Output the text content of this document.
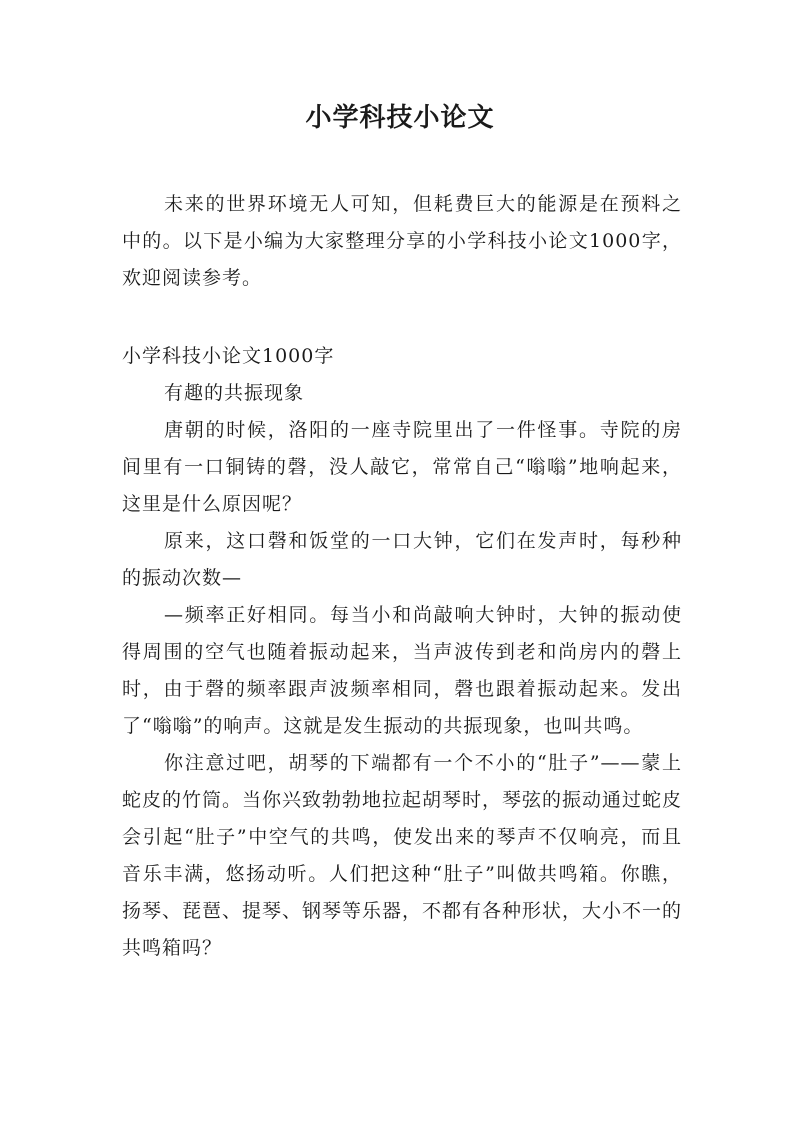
小学科技小论文

未来的世界环境无人可知，但耗费巨大的能源是在预料之中的。以下是小编为大家整理分享的小学科技小论文1000字，欢迎阅读参考。

小学科技小论文1000字

有趣的共振现象

唐朝的时候，洛阳的一座寺院里出了一件怪事。寺院的房间里有一口铜铸的磬，没人敲它，常常自己“嗡嗡”地响起来，这里是什么原因呢？

原来，这口磬和饭堂的一口大钟，它们在发声时，每秒种的振动次数—

—频率正好相同。每当小和尚敲响大钟时，大钟的振动使得周围的空气也随着振动起来，当声波传到老和尚房内的磬上时，由于磬的频率跟声波频率相同，磬也跟着振动起来。发出了“嗡嗡”的响声。这就是发生振动的共振现象，也叫共鸣。

你注意过吧，胡琴的下端都有一个不小的“肚子”——蒙上蛇皮的竹筒。当你兴致勃勃地拉起胡琴时，琴弦的振动通过蛇皮会引起“肚子”中空气的共鸣，使发出来的琴声不仅响亮，而且音乐丰满，悠扬动听。人们把这种“肚子”叫做共鸣箱。你瞧，扬琴、琵琶、提琴、钢琴等乐器，不都有各种形状，大小不一的共鸣箱吗？
